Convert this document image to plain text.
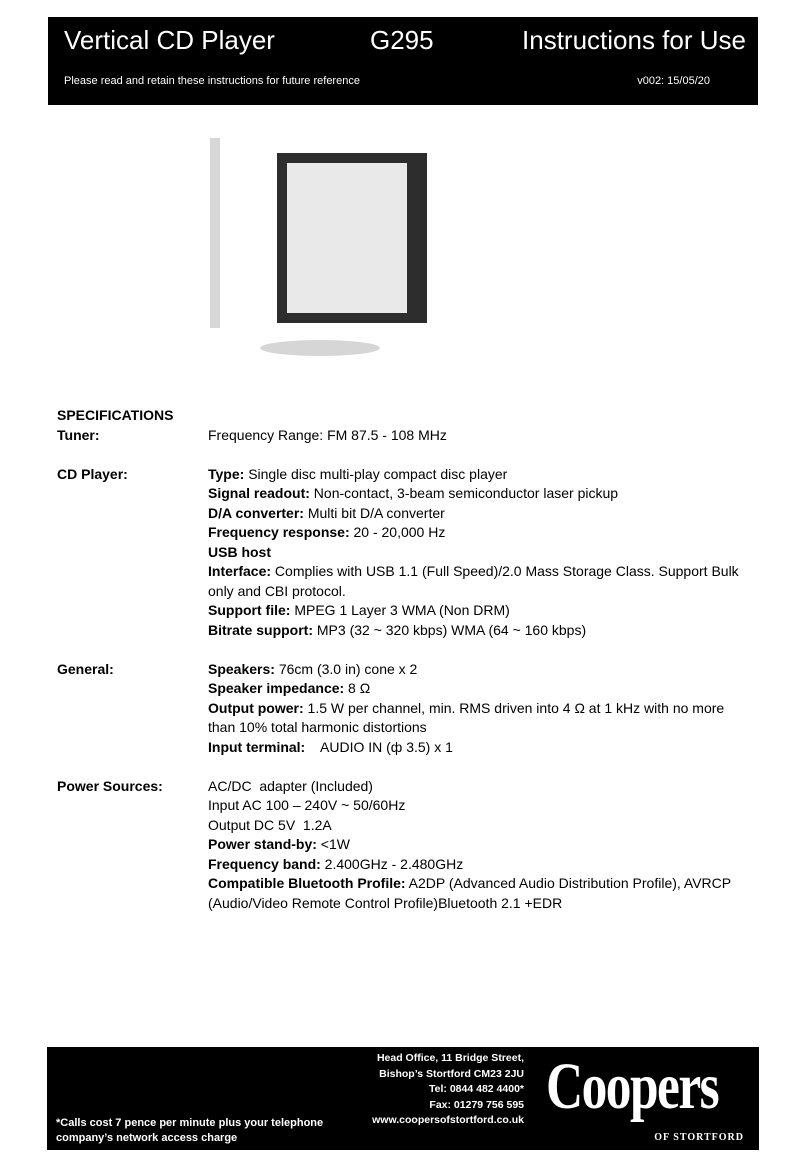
Vertical CD Player	G295	Instructions for Use
Please read and retain these instructions for future reference	v002: 15/05/20
SPECIFICATIONS
Tuner:	Frequency Range: FM 87.5 - 108 MHz
CD Player:	Type: Single disc multi-play compact disc player
Signal readout: Non-contact, 3-beam semiconductor laser pickup
D/A converter: Multi bit D/A converter
Frequency response: 20 - 20,000 Hz
USB host
Interface: Complies with USB 1.1 (Full Speed)/2.0 Mass Storage Class. Support Bulk only and CBI protocol.
Support file: MPEG 1 Layer 3 WMA (Non DRM)
Bitrate support: MP3 (32 ~ 320 kbps) WMA (64 ~ 160 kbps)
General:	Speakers: 76cm (3.0 in) cone x 2
Speaker impedance: 8 Ω
Output power: 1.5 W per channel, min. RMS driven into 4 Ω at 1 kHz with no more than 10% total harmonic distortions
Input terminal:    AUDIO IN (ф 3.5) x 1
Power Sources:	AC/DC  adapter (Included)
Input AC 100 – 240V ~ 50/60Hz
Output DC 5V  1.2A
Power stand-by: <1W
Frequency band: 2.400GHz - 2.480GHz
Compatible Bluetooth Profile: A2DP (Advanced Audio Distribution Profile), AVRCP (Audio/Video Remote Control Profile)Bluetooth 2.1 +EDR
*Calls cost 7 pence per minute plus your telephone company’s network access charge
Head Office, 11 Bridge Street,
Bishop’s Stortford CM23 2JU
Tel: 0844 482 4400*
Fax: 01279 756 595
www.coopersofstortford.co.uk Coopers
OF STORTFORD
